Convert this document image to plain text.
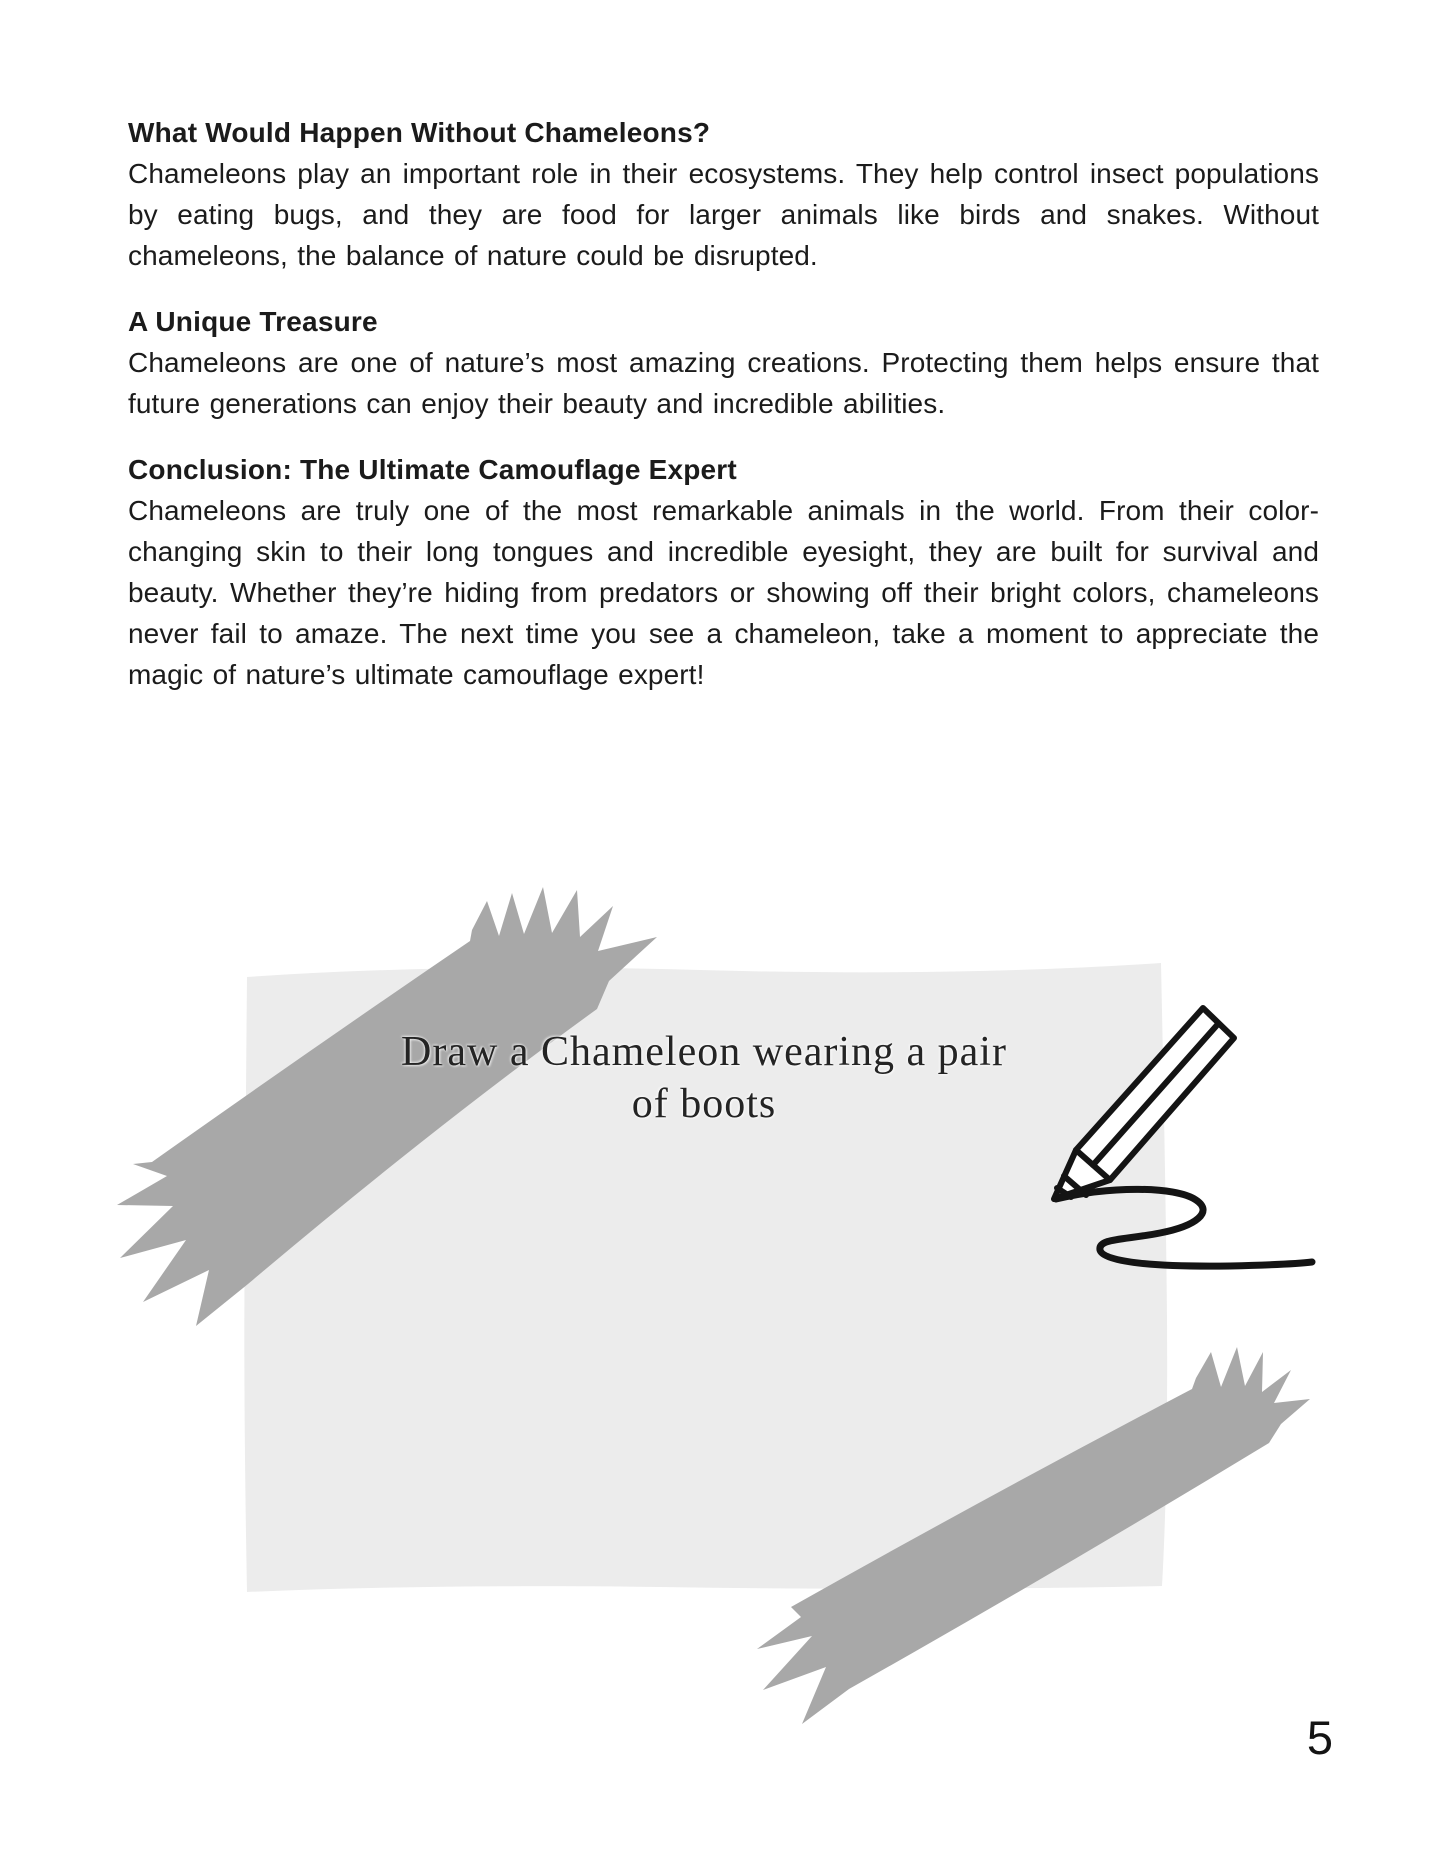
What Would Happen Without Chameleons?

Chameleons play an important role in their ecosystems. They help control insect populations by eating bugs, and they are food for larger animals like birds and snakes. Without chameleons, the balance of nature could be disrupted.

A Unique Treasure

Chameleons are one of nature’s most amazing creations. Protecting them helps ensure that future generations can enjoy their beauty and incredible abilities.

Conclusion: The Ultimate Camouflage Expert

Chameleons are truly one of the most remarkable animals in the world. From their color-changing skin to their long tongues and incredible eyesight, they are built for survival and beauty. Whether they’re hiding from predators or showing off their bright colors, chameleons never fail to amaze. The next time you see a chameleon, take a moment to appreciate the magic of nature’s ultimate camouflage expert!

Draw a Chameleon wearing a pair
of boots
5
